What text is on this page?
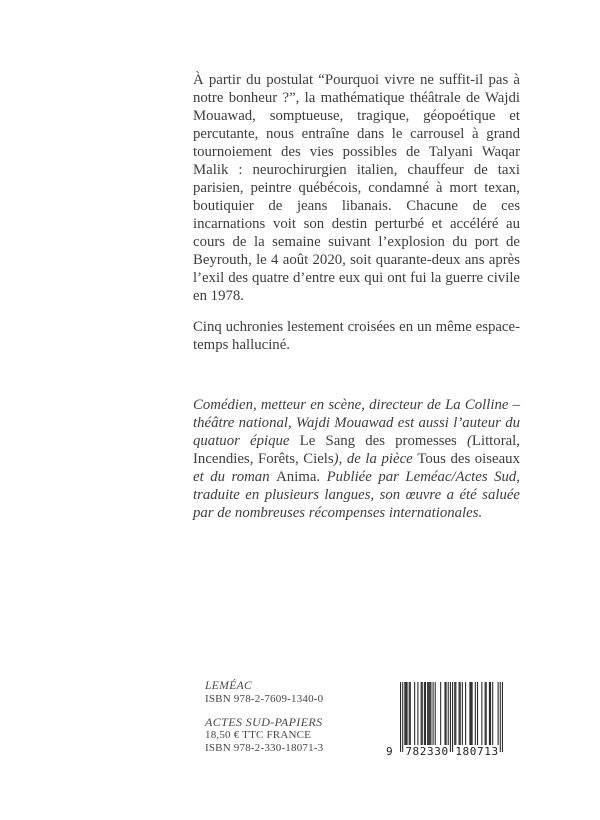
À partir du postulat “Pourquoi vivre ne suffit-il pas à notre bonheur ?”, la mathématique théâtrale de Wajdi Mouawad, somptueuse, tragique, géopoétique et percutante, nous entraîne dans le carrousel à grand tournoiement des vies possibles de Talyani Waqar Malik : neurochirurgien italien, chauffeur de taxi parisien, peintre québécois, condamné à mort texan, boutiquier de jeans libanais. Chacune de ces incarnations voit son destin perturbé et accéléré au cours de la semaine suivant l’explosion du port de Beyrouth, le 4 août 2020, soit quarante-deux ans après l’exil des quatre d’entre eux qui ont fui la guerre civile en 1978.

Cinq uchronies lestement croisées en un même espace-temps halluciné.

Comédien, metteur en scène, directeur de La Colline – théâtre national, Wajdi Mouawad est aussi l’auteur du quatuor épique Le Sang des promesses (Littoral, Incendies, Forêts, Ciels), de la pièce Tous des oiseaux et du roman Anima. Publiée par Leméac/Actes Sud, traduite en plusieurs langues, son œuvre a été saluée par de nombreuses récompenses internationales.

LEMÉAC
ISBN 978-2-7609-1340-0
ACTES SUD-PAPIERS
18,50 € TTC FRANCE
ISBN 978-2-330-18071-3	9 782330 180713
